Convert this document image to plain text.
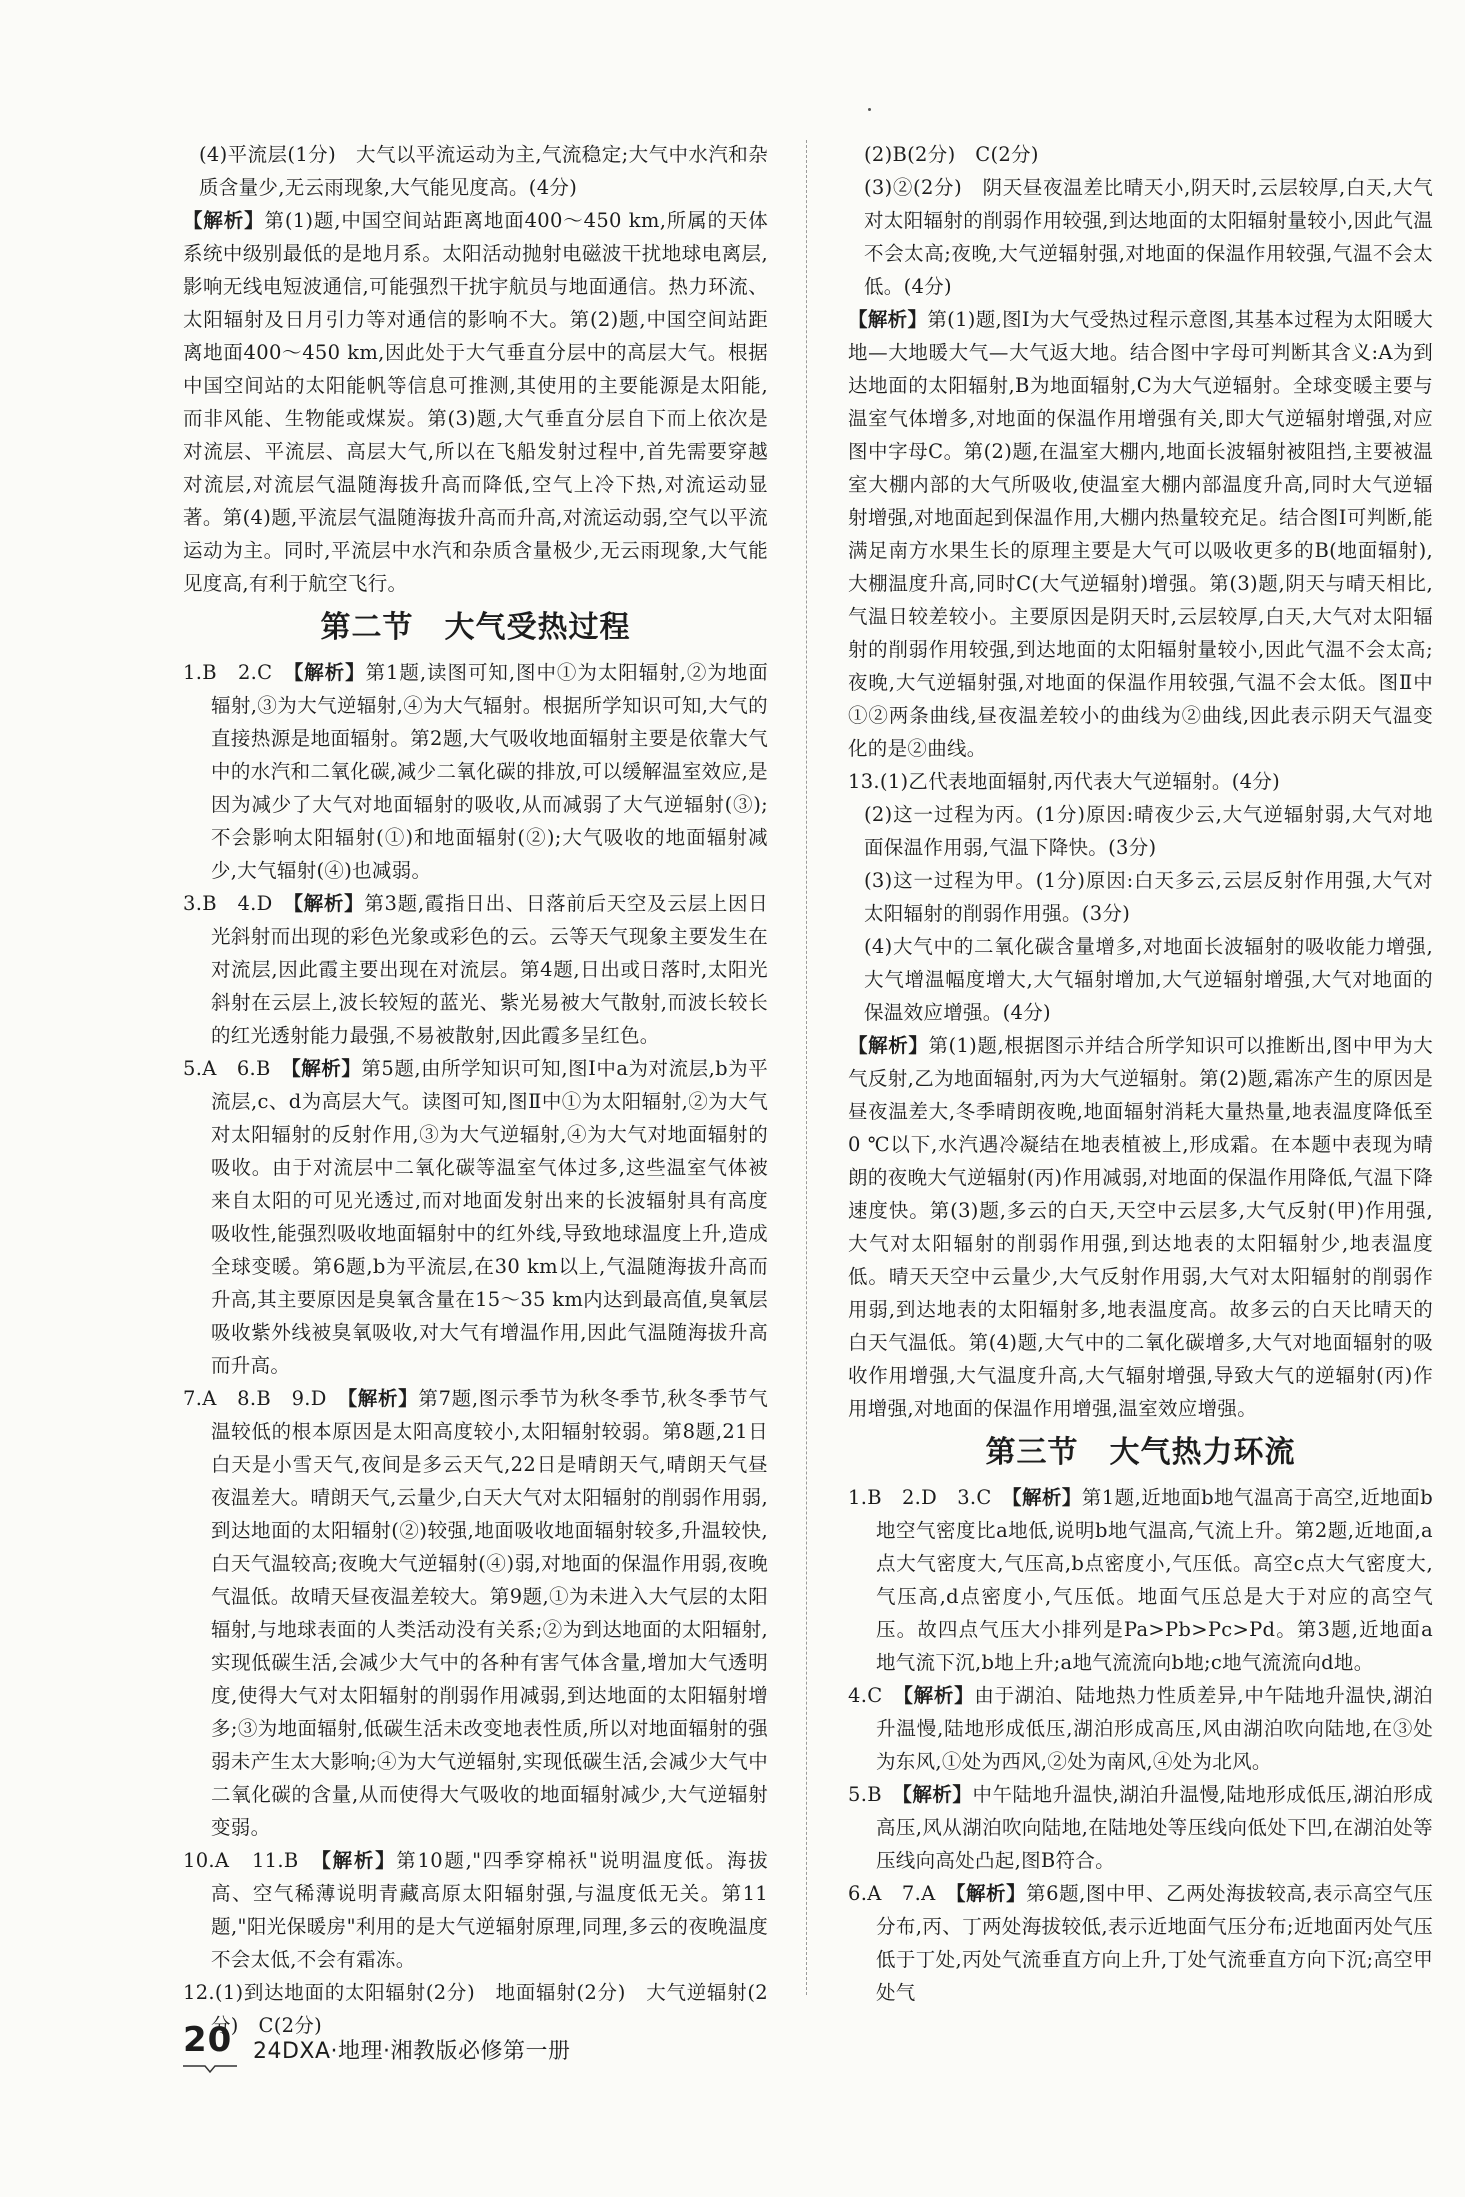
(4)平流层(1分)　大气以平流运动为主,气流稳定;大气中水汽和杂质含量少,无云雨现象,大气能见度高。(4分)

【解析】第(1)题,中国空间站距离地面400～450 km,所属的天体系统中级别最低的是地月系。太阳活动抛射电磁波干扰地球电离层,影响无线电短波通信,可能强烈干扰宇航员与地面通信。热力环流、太阳辐射及日月引力等对通信的影响不大。第(2)题,中国空间站距离地面400～450 km,因此处于大气垂直分层中的高层大气。根据中国空间站的太阳能帆等信息可推测,其使用的主要能源是太阳能,而非风能、生物能或煤炭。第(3)题,大气垂直分层自下而上依次是对流层、平流层、高层大气,所以在飞船发射过程中,首先需要穿越对流层,对流层气温随海拔升高而降低,空气上冷下热,对流运动显著。第(4)题,平流层气温随海拔升高而升高,对流运动弱,空气以平流运动为主。同时,平流层中水汽和杂质含量极少,无云雨现象,大气能见度高,有利于航空飞行。

第二节　大气受热过程

1.B　2.C　【解析】第1题,读图可知,图中①为太阳辐射,②为地面辐射,③为大气逆辐射,④为大气辐射。根据所学知识可知,大气的直接热源是地面辐射。第2题,大气吸收地面辐射主要是依靠大气中的水汽和二氧化碳,减少二氧化碳的排放,可以缓解温室效应,是因为减少了大气对地面辐射的吸收,从而减弱了大气逆辐射(③);不会影响太阳辐射(①)和地面辐射(②);大气吸收的地面辐射减少,大气辐射(④)也减弱。

3.B　4.D　【解析】第3题,霞指日出、日落前后天空及云层上因日光斜射而出现的彩色光象或彩色的云。云等天气现象主要发生在对流层,因此霞主要出现在对流层。第4题,日出或日落时,太阳光斜射在云层上,波长较短的蓝光、紫光易被大气散射,而波长较长的红光透射能力最强,不易被散射,因此霞多呈红色。

5.A　6.B　【解析】第5题,由所学知识可知,图Ⅰ中a为对流层,b为平流层,c、d为高层大气。读图可知,图Ⅱ中①为太阳辐射,②为大气对太阳辐射的反射作用,③为大气逆辐射,④为大气对地面辐射的吸收。由于对流层中二氧化碳等温室气体过多,这些温室气体被来自太阳的可见光透过,而对地面发射出来的长波辐射具有高度吸收性,能强烈吸收地面辐射中的红外线,导致地球温度上升,造成全球变暖。第6题,b为平流层,在30 km以上,气温随海拔升高而升高,其主要原因是臭氧含量在15～35 km内达到最高值,臭氧层吸收紫外线被臭氧吸收,对大气有增温作用,因此气温随海拔升高而升高。

7.A　8.B　9.D　【解析】第7题,图示季节为秋冬季节,秋冬季节气温较低的根本原因是太阳高度较小,太阳辐射较弱。第8题,21日白天是小雪天气,夜间是多云天气,22日是晴朗天气,晴朗天气昼夜温差大。晴朗天气,云量少,白天大气对太阳辐射的削弱作用弱,到达地面的太阳辐射(②)较强,地面吸收地面辐射较多,升温较快,白天气温较高;夜晚大气逆辐射(④)弱,对地面的保温作用弱,夜晚气温低。故晴天昼夜温差较大。第9题,①为未进入大气层的太阳辐射,与地球表面的人类活动没有关系;②为到达地面的太阳辐射,实现低碳生活,会减少大气中的各种有害气体含量,增加大气透明度,使得大气对太阳辐射的削弱作用减弱,到达地面的太阳辐射增多;③为地面辐射,低碳生活未改变地表性质,所以对地面辐射的强弱未产生太大影响;④为大气逆辐射,实现低碳生活,会减少大气中二氧化碳的含量,从而使得大气吸收的地面辐射减少,大气逆辐射变弱。

10.A　11.B　【解析】第10题,"四季穿棉袄"说明温度低。海拔高、空气稀薄说明青藏高原太阳辐射强,与温度低无关。第11题,"阳光保暖房"利用的是大气逆辐射原理,同理,多云的夜晚温度不会太低,不会有霜冻。

12.(1)到达地面的太阳辐射(2分)　地面辐射(2分)　大气逆辐射(2分)　C(2分)

(2)B(2分)　C(2分)

(3)②(2分)　阴天昼夜温差比晴天小,阴天时,云层较厚,白天,大气对太阳辐射的削弱作用较强,到达地面的太阳辐射量较小,因此气温不会太高;夜晚,大气逆辐射强,对地面的保温作用较强,气温不会太低。(4分)

【解析】第(1)题,图Ⅰ为大气受热过程示意图,其基本过程为太阳暖大地—大地暖大气—大气返大地。结合图中字母可判断其含义:A为到达地面的太阳辐射,B为地面辐射,C为大气逆辐射。全球变暖主要与温室气体增多,对地面的保温作用增强有关,即大气逆辐射增强,对应图中字母C。第(2)题,在温室大棚内,地面长波辐射被阻挡,主要被温室大棚内部的大气所吸收,使温室大棚内部温度升高,同时大气逆辐射增强,对地面起到保温作用,大棚内热量较充足。结合图Ⅰ可判断,能满足南方水果生长的原理主要是大气可以吸收更多的B(地面辐射),大棚温度升高,同时C(大气逆辐射)增强。第(3)题,阴天与晴天相比,气温日较差较小。主要原因是阴天时,云层较厚,白天,大气对太阳辐射的削弱作用较强,到达地面的太阳辐射量较小,因此气温不会太高;夜晚,大气逆辐射强,对地面的保温作用较强,气温不会太低。图Ⅱ中①②两条曲线,昼夜温差较小的曲线为②曲线,因此表示阴天气温变化的是②曲线。

13.(1)乙代表地面辐射,丙代表大气逆辐射。(4分)

(2)这一过程为丙。(1分)原因:晴夜少云,大气逆辐射弱,大气对地面保温作用弱,气温下降快。(3分)

(3)这一过程为甲。(1分)原因:白天多云,云层反射作用强,大气对太阳辐射的削弱作用强。(3分)

(4)大气中的二氧化碳含量增多,对地面长波辐射的吸收能力增强,大气增温幅度增大,大气辐射增加,大气逆辐射增强,大气对地面的保温效应增强。(4分)

【解析】第(1)题,根据图示并结合所学知识可以推断出,图中甲为大气反射,乙为地面辐射,丙为大气逆辐射。第(2)题,霜冻产生的原因是昼夜温差大,冬季晴朗夜晚,地面辐射消耗大量热量,地表温度降低至0 ℃以下,水汽遇冷凝结在地表植被上,形成霜。在本题中表现为晴朗的夜晚大气逆辐射(丙)作用减弱,对地面的保温作用降低,气温下降速度快。第(3)题,多云的白天,天空中云层多,大气反射(甲)作用强,大气对太阳辐射的削弱作用强,到达地表的太阳辐射少,地表温度低。晴天天空中云量少,大气反射作用弱,大气对太阳辐射的削弱作用弱,到达地表的太阳辐射多,地表温度高。故多云的白天比晴天的白天气温低。第(4)题,大气中的二氧化碳增多,大气对地面辐射的吸收作用增强,大气温度升高,大气辐射增强,导致大气的逆辐射(丙)作用增强,对地面的保温作用增强,温室效应增强。

第三节　大气热力环流

1.B　2.D　3.C　【解析】第1题,近地面b地气温高于高空,近地面b地空气密度比a地低,说明b地气温高,气流上升。第2题,近地面,a点大气密度大,气压高,b点密度小,气压低。高空c点大气密度大,气压高,d点密度小,气压低。地面气压总是大于对应的高空气压。故四点气压大小排列是Pa>Pb>Pc>Pd。第3题,近地面a地气流下沉,b地上升;a地气流流向b地;c地气流流向d地。

4.C　【解析】由于湖泊、陆地热力性质差异,中午陆地升温快,湖泊升温慢,陆地形成低压,湖泊形成高压,风由湖泊吹向陆地,在③处为东风,①处为西风,②处为南风,④处为北风。

5.B　【解析】中午陆地升温快,湖泊升温慢,陆地形成低压,湖泊形成高压,风从湖泊吹向陆地,在陆地处等压线向低处下凹,在湖泊处等压线向高处凸起,图B符合。

6.A　7.A　【解析】第6题,图中甲、乙两处海拔较高,表示高空气压分布,丙、丁两处海拔较低,表示近地面气压分布;近地面丙处气压低于丁处,丙处气流垂直方向上升,丁处气流垂直方向下沉;高空甲处气

20 24DXA·地理·湘教版必修第一册
